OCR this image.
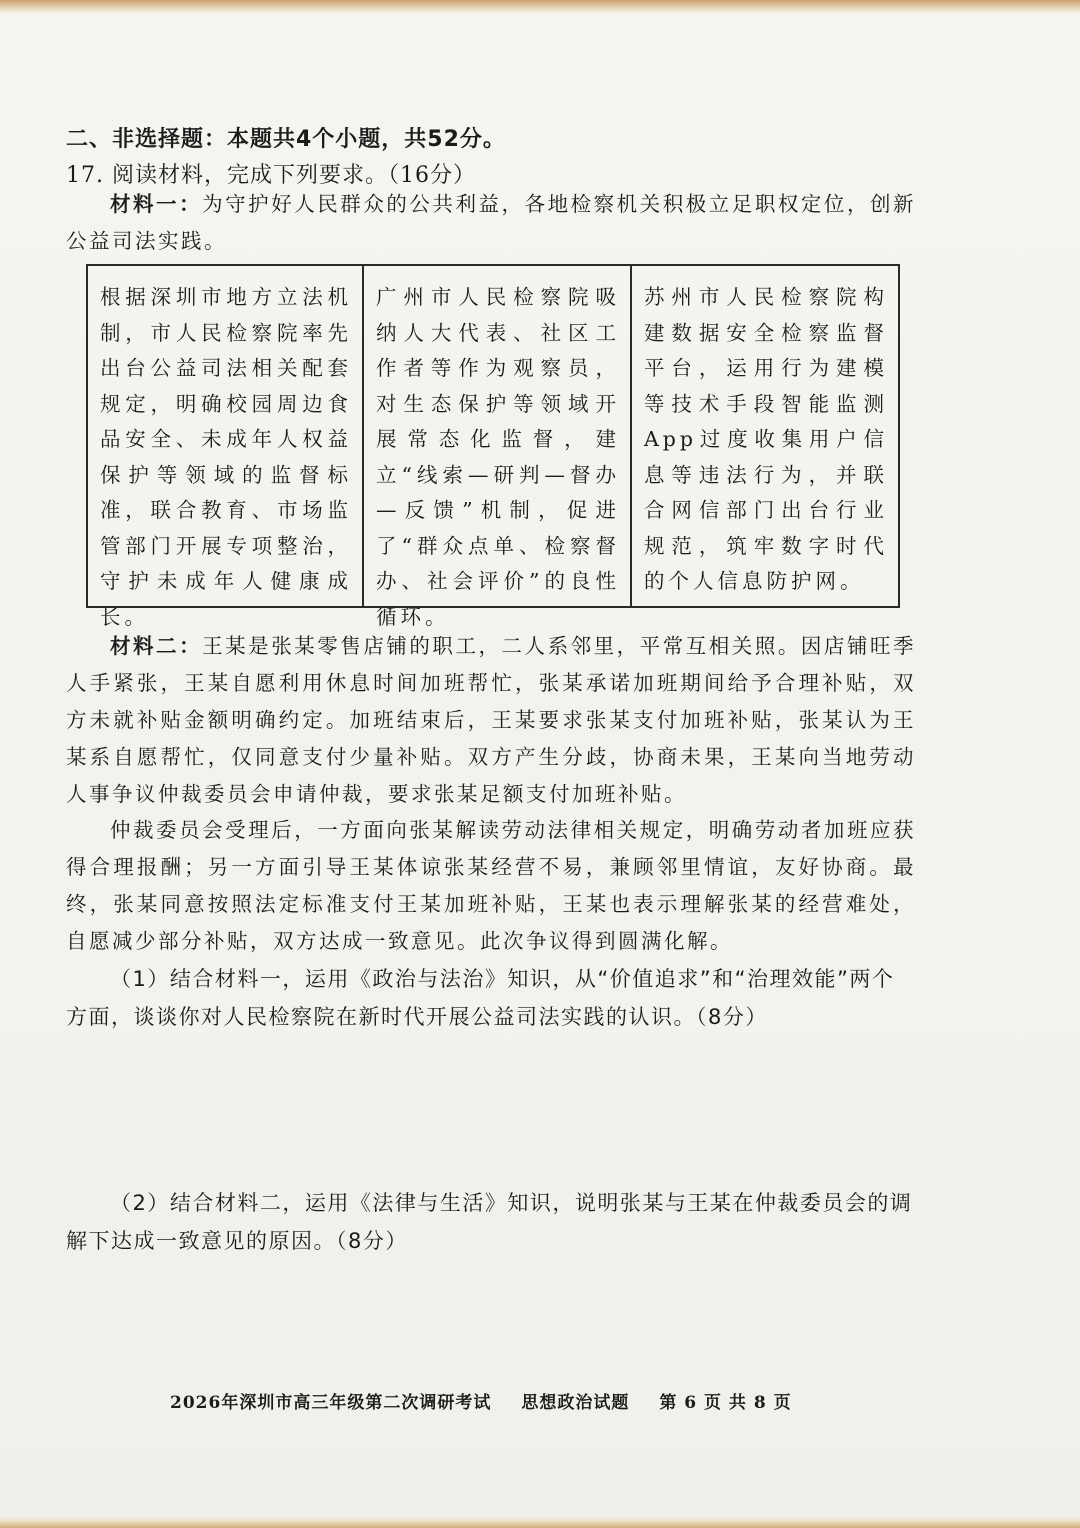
二、非选择题：本题共4个小题，共52分。
17. 阅读材料，完成下列要求。（16分）
材料一：为守护好人民群众的公共利益，各地检察机关积极立足职权定位，创新公益司法实践。
根据深圳市地方立法机制，市人民检察院率先出台公益司法相关配套规定，明确校园周边食品安全、未成年人权益保护等领域的监督标准，联合教育、市场监管部门开展专项整治，守护未成年人健康成长。
广州市人民检察院吸纳人大代表、社区工作者等作为观察员，对生态保护等领域开展常态化监督，建立“线索—研判—督办—反馈”机制，促进了“群众点单、检察督办、社会评价”的良性循环。
苏州市人民检察院构建数据安全检察监督平台，运用行为建模等技术手段智能监测App过度收集用户信息等违法行为，并联合网信部门出台行业规范，筑牢数字时代的个人信息防护网。
材料二：王某是张某零售店铺的职工，二人系邻里，平常互相关照。因店铺旺季人手紧张，王某自愿利用休息时间加班帮忙，张某承诺加班期间给予合理补贴，双方未就补贴金额明确约定。加班结束后，王某要求张某支付加班补贴，张某认为王某系自愿帮忙，仅同意支付少量补贴。双方产生分歧，协商未果，王某向当地劳动人事争议仲裁委员会申请仲裁，要求张某足额支付加班补贴。
仲裁委员会受理后，一方面向张某解读劳动法律相关规定，明确劳动者加班应获得合理报酬；另一方面引导王某体谅张某经营不易，兼顾邻里情谊，友好协商。最终，张某同意按照法定标准支付王某加班补贴，王某也表示理解张某的经营难处，自愿减少部分补贴，双方达成一致意见。此次争议得到圆满化解。
（1）结合材料一，运用《政治与法治》知识，从“价值追求”和“治理效能”两个方面，谈谈你对人民检察院在新时代开展公益司法实践的认识。（8分）
（2）结合材料二，运用《法律与生活》知识，说明张某与王某在仲裁委员会的调解下达成一致意见的原因。（8分）
2026年深圳市高三年级第二次调研考试 思想政治试题 第 6 页 共 8 页
